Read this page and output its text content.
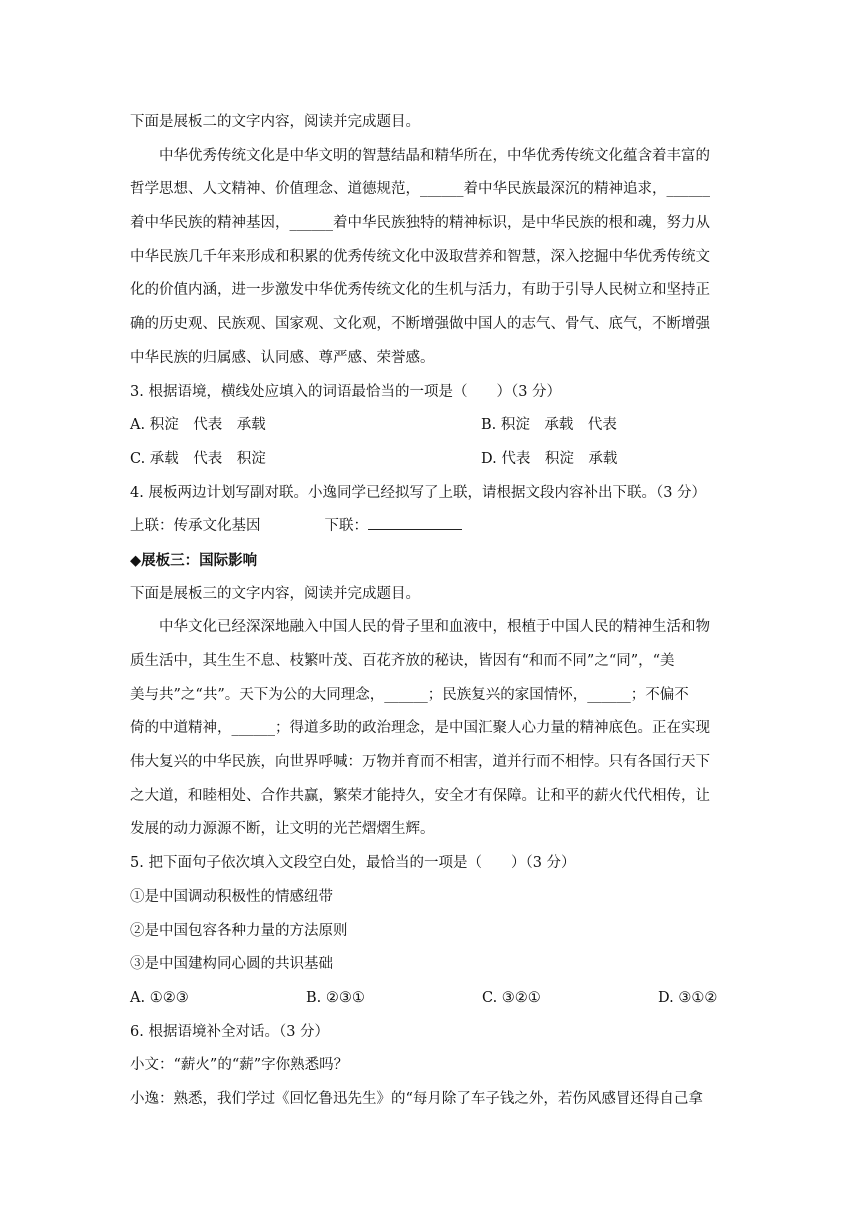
下面是展板二的文字内容，阅读并完成题目。
中华优秀传统文化是中华文明的智慧结晶和精华所在，中华优秀传统文化蕴含着丰富的
哲学思想、人文精神、价值理念、道德规范，______着中华民族最深沉的精神追求，______
着中华民族的精神基因，______着中华民族独特的精神标识，是中华民族的根和魂，努力从
中华民族几千年来形成和积累的优秀传统文化中汲取营养和智慧，深入挖掘中华优秀传统文
化的价值内涵，进一步激发中华优秀传统文化的生机与活力，有助于引导人民树立和坚持正
确的历史观、民族观、国家观、文化观，不断增强做中国人的志气、骨气、底气，不断增强
中华民族的归属感、认同感、尊严感、荣誉感。
3. 根据语境，横线处应填入的词语最恰当的一项是（　　）（3 分）
A. 积淀　代表　承载	B. 积淀　承载　代表
C. 承载　代表　积淀	D. 代表　积淀　承载
4. 展板两边计划写副对联。小逸同学已经拟写了上联，请根据文段内容补出下联。（3 分）
上联：传承文化基因	下联：
◆展板三：国际影响
下面是展板三的文字内容，阅读并完成题目。
中华文化已经深深地融入中国人民的骨子里和血液中，根植于中国人民的精神生活和物
质生活中，其生生不息、枝繁叶茂、百花齐放的秘诀，皆因有“和而不同”之“同”，“美
美与共”之“共”。天下为公的大同理念，______；民族复兴的家国情怀，______；不偏不
倚的中道精神，______；得道多助的政治理念，是中国汇聚人心力量的精神底色。正在实现
伟大复兴的中华民族，向世界呼喊：万物并育而不相害，道并行而不相悖。只有各国行天下
之大道，和睦相处、合作共赢，繁荣才能持久，安全才有保障。让和平的薪火代代相传，让
发展的动力源源不断，让文明的光芒熠熠生辉。
5. 把下面句子依次填入文段空白处，最恰当的一项是（　　）（3 分）
①是中国调动积极性的情感纽带
②是中国包容各种力量的方法原则
③是中国建构同心圆的共识基础
A. ①②③	B. ②③①	C. ③②①	D. ③①②
6. 根据语境补全对话。（3 分）
小文：“薪火”的“薪”字你熟悉吗？
小逸：熟悉，我们学过《回忆鲁迅先生》的“每月除了车子钱之外，若伤风感冒还得自己拿
